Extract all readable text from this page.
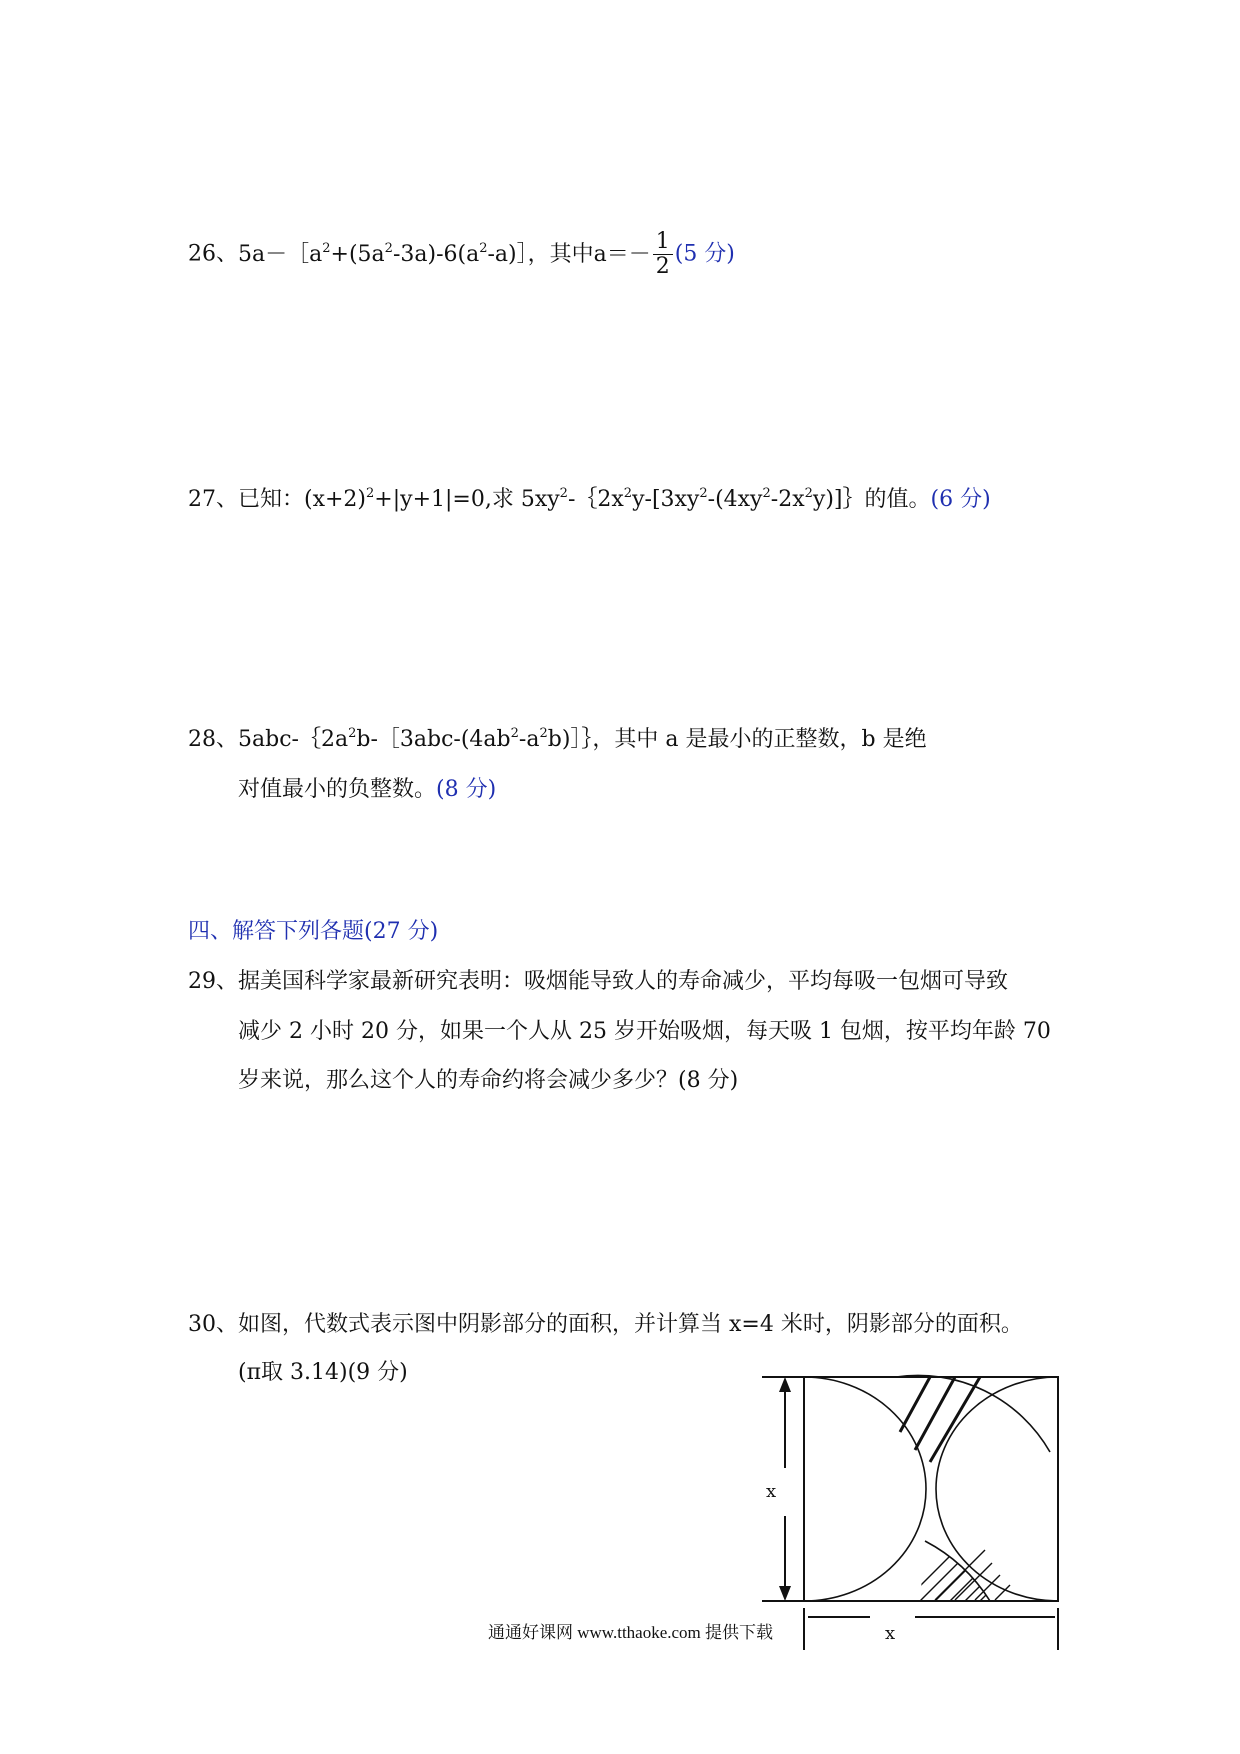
26、$5a-[a^2+(5a^2-3a)-6(a^2-a)]$，其中$a=- \frac{1}{2} (5$ 分)
27、已知：$(x+2)^2+|y+1|=0$,求 $5xy^2-\{2x^2y-[3xy^2-(4xy^2-2x^2y)]\}$的值。(6 分)
28、$5abc-\{2a^2b-[3abc-(4ab^2-a^2b)]\}$，其中 a 是最小的正整数，b 是绝
对值最小的负整数。(8 分)
四、解答下列各题(27 分)
29、据美国科学家最新研究表明：吸烟能导致人的寿命减少，平均每吸一包烟可导致
减少 2 小时 20 分，如果一个人从 25 岁开始吸烟，每天吸 1 包烟，按平均年龄 70
岁来说，那么这个人的寿命约将会减少多少？(8 分)
30、如图，代数式表示图中阴影部分的面积，并计算当 x=4 米时，阴影部分的面积。
(π取 3.14)(9 分)
x
x
通通好课网 www.tthaoke.com 提供下载
